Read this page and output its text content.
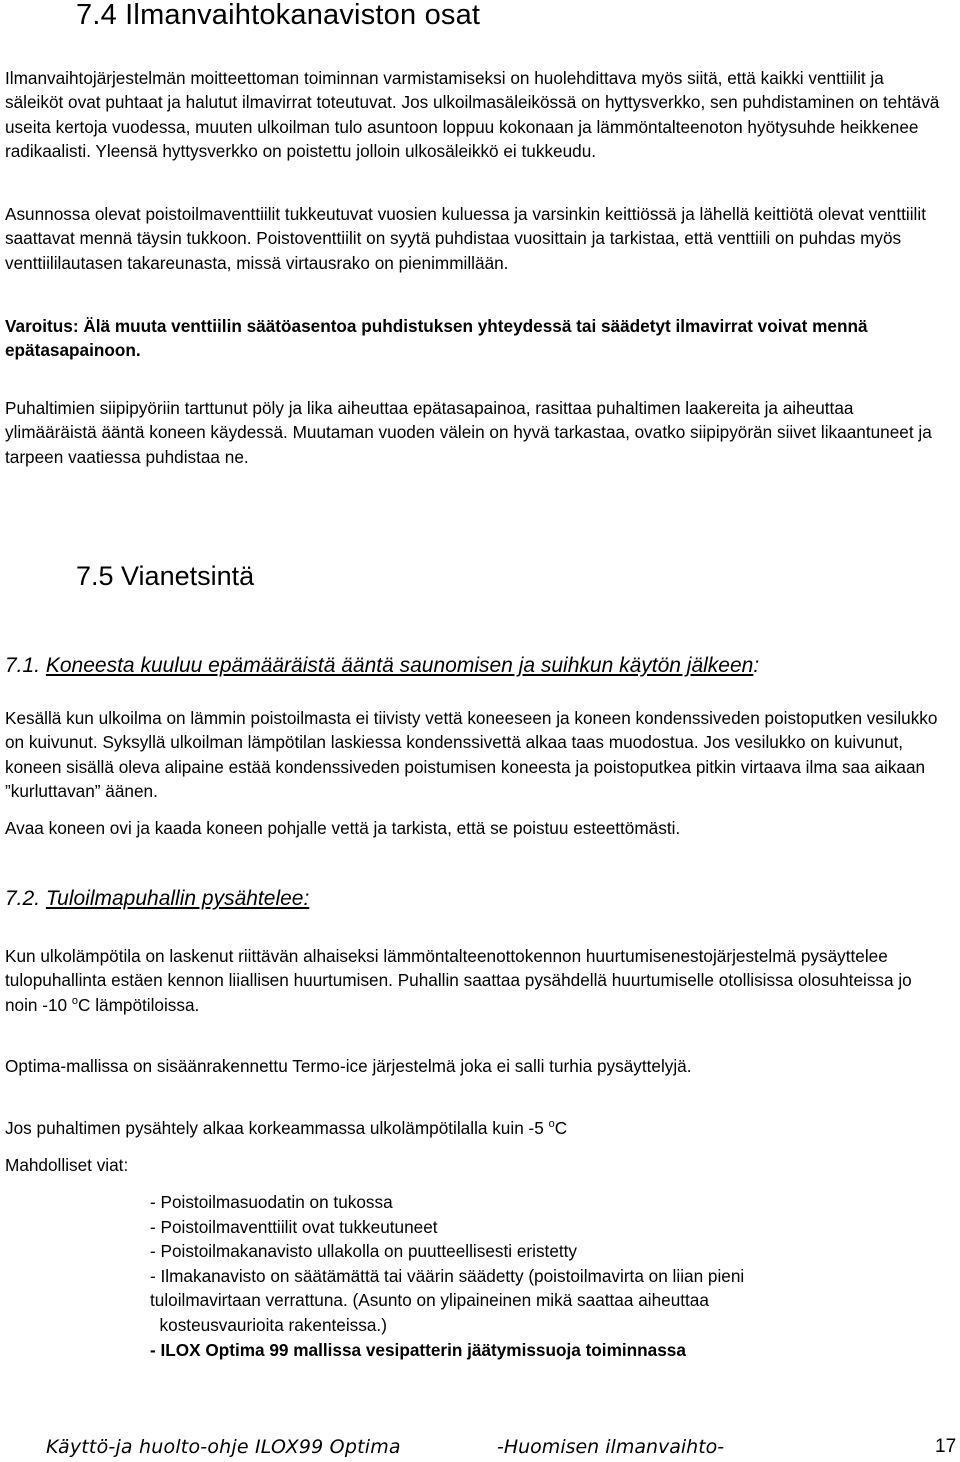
7.4 Ilmanvaihtokanaviston osat

Ilmanvaihtojärjestelmän moitteettoman toiminnan varmistamiseksi on huolehdittava myös siitä, että kaikki venttiilit ja säleiköt ovat puhtaat ja halutut ilmavirrat toteutuvat. Jos ulkoilmasäleikössä on hyttysverkko, sen puhdistaminen on tehtävä useita kertoja vuodessa, muuten ulkoilman tulo asuntoon loppuu kokonaan ja lämmöntalteenoton hyötysuhde heikkenee radikaalisti. Yleensä hyttysverkko on poistettu jolloin ulkosäleikkö ei tukkeudu.

Asunnossa olevat poistoilmaventtiilit tukkeutuvat vuosien kuluessa ja varsinkin keittiössä ja lähellä keittiötä olevat venttiilit saattavat mennä täysin tukkoon. Poistoventtiilit on syytä puhdistaa vuosittain ja tarkistaa, että venttiili on puhdas myös venttiililautasen takareunasta, missä virtausrako on pienimmillään.

Varoitus: Älä muuta venttiilin säätöasentoa puhdistuksen yhteydessä tai säädetyt ilmavirrat voivat mennä epätasapainoon.

Puhaltimien siipipyöriin tarttunut pöly ja lika aiheuttaa epätasapainoa, rasittaa puhaltimen laakereita ja aiheuttaa ylimääräistä ääntä koneen käydessä. Muutaman vuoden välein on hyvä tarkastaa, ovatko siipipyörän siivet likaantuneet ja tarpeen vaatiessa puhdistaa ne.

7.5 Vianetsintä
7.1. Koneesta kuuluu epämääräistä ääntä saunomisen ja suihkun käytön jälkeen:

Kesällä kun ulkoilma on lämmin poistoilmasta ei tiivisty vettä koneeseen ja koneen kondenssiveden poistoputken vesilukko on kuivunut. Syksyllä ulkoilman lämpötilan laskiessa kondenssivettä alkaa taas muodostua. Jos vesilukko on kuivunut, koneen sisällä oleva alipaine estää kondenssiveden poistumisen koneesta ja poistoputkea pitkin virtaava ilma saa aikaan ”kurluttavan” äänen.

Avaa koneen ovi ja kaada koneen pohjalle vettä ja tarkista, että se poistuu esteettömästi.

7.2. Tuloilmapuhallin pysähtelee:

Kun ulkolämpötila on laskenut riittävän alhaiseksi lämmöntalteenottokennon huurtumisenestojärjestelmä pysäyttelee tulopuhallinta estäen kennon liiallisen huurtumisen. Puhallin saattaa pysähdellä huurtumiselle otollisissa olosuhteissa jo noin -10 $^o$C lämpötiloissa.

Optima-mallissa on sisäänrakennettu Termo-ice järjestelmä joka ei salli turhia pysäyttelyjä.

Jos puhaltimen pysähtely alkaa korkeammassa ulkolämpötilalla kuin -5 $^o$C

Mahdolliset viat:

- Poistoilmasuodatin on tukossa
- Poistoilmaventtiilit ovat tukkeutuneet
- Poistoilmakanavisto ullakolla on puutteellisesti eristetty
- Ilmakanavisto on säätämättä tai väärin säädetty (poistoilmavirta on liian pieni
tuloilmavirtaan verrattuna. (Asunto on ylipaineinen mikä saattaa aiheuttaa
kosteusvaurioita rakenteissa.)
- ILOX Optima 99 mallissa vesipatterin jäätymissuoja toiminnassa
Käyttö-ja huolto-ohje ILOX99 Optima	-Huomisen ilmanvaihto-	17
